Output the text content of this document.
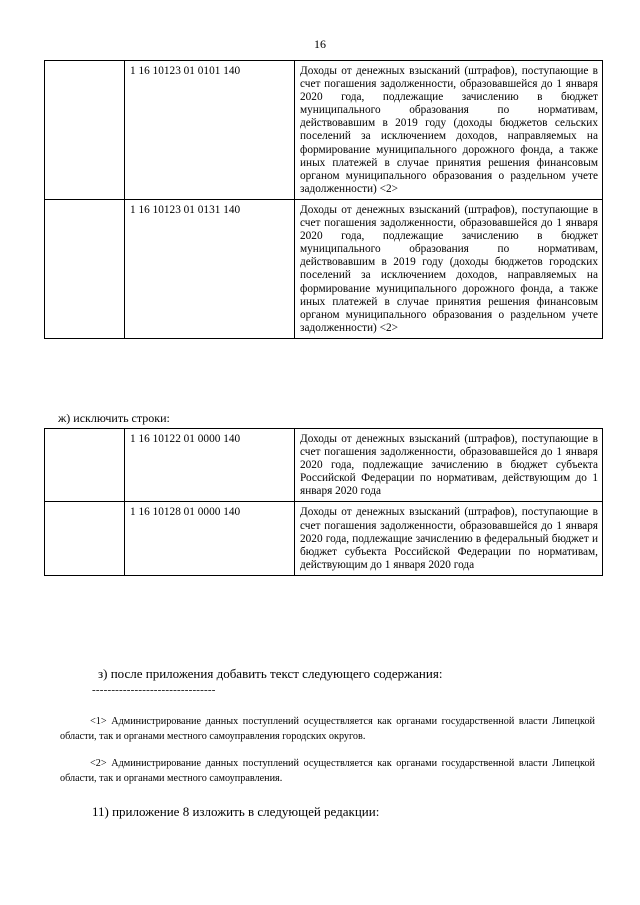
16
	1 16 10123 01 0101 140	Доходы от денежных взысканий (штрафов), поступающие в счет погашения задолженности, образовавшейся до 1 января 2020 года, подлежащие зачислению в бюджет муниципального образования по нормативам, действовавшим в 2019 году (доходы бюджетов сельских поселений за исключением доходов, направляемых на формирование муниципального дорожного фонда, а также иных платежей в случае принятия решения финансовым органом муниципального образования о раздельном учете задолженности) <2>
	1 16 10123 01 0131 140	Доходы от денежных взысканий (штрафов), поступающие в счет погашения задолженности, образовавшейся до 1 января 2020 года, подлежащие зачислению в бюджет муниципального образования по нормативам, действовавшим в 2019 году (доходы бюджетов городских поселений за исключением доходов, направляемых на формирование муниципального дорожного фонда, а также иных платежей в случае принятия решения финансовым органом муниципального образования о раздельном учете задолженности) <2>
ж) исключить строки:
	1 16 10122 01 0000 140	Доходы от денежных взысканий (штрафов), поступающие в счет погашения задолженности, образовавшейся до 1 января 2020 года, подлежащие зачислению в бюджет субъекта Российской Федерации по нормативам, действующим до 1 января 2020 года
	1 16 10128 01 0000 140	Доходы от денежных взысканий (штрафов), поступающие в счет погашения задолженности, образовавшейся до 1 января 2020 года, подлежащие зачислению в федеральный бюджет и бюджет субъекта Российской Федерации по нормативам, действующим до 1 января 2020 года
з) после приложения добавить текст следующего содержания:
--------------------------------
<1> Администрирование данных поступлений осуществляется как органами государственной власти Липецкой области, так и органами местного самоуправления городских округов.
<2> Администрирование данных поступлений осуществляется как органами государственной власти Липецкой области, так и органами местного самоуправления.
11) приложение 8 изложить в следующей редакции:
